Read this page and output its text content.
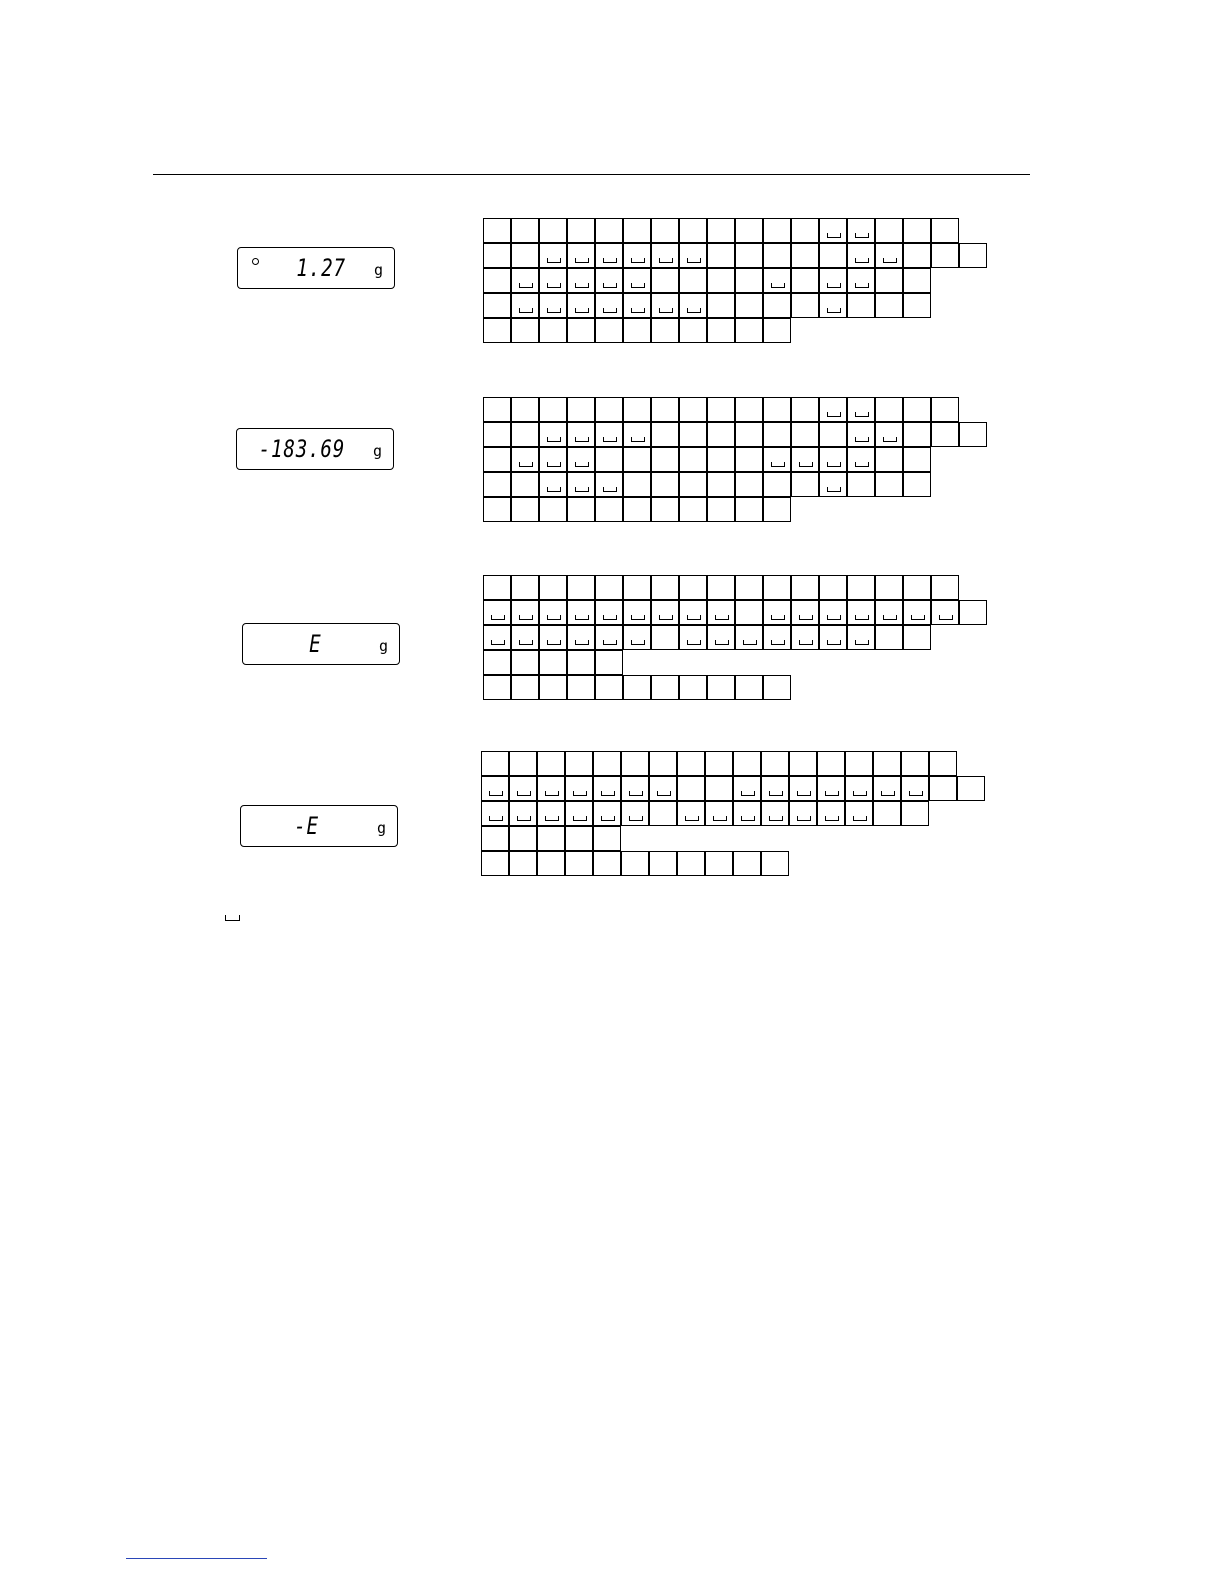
1.27 g
-183.69 g
E	g
-E	g
